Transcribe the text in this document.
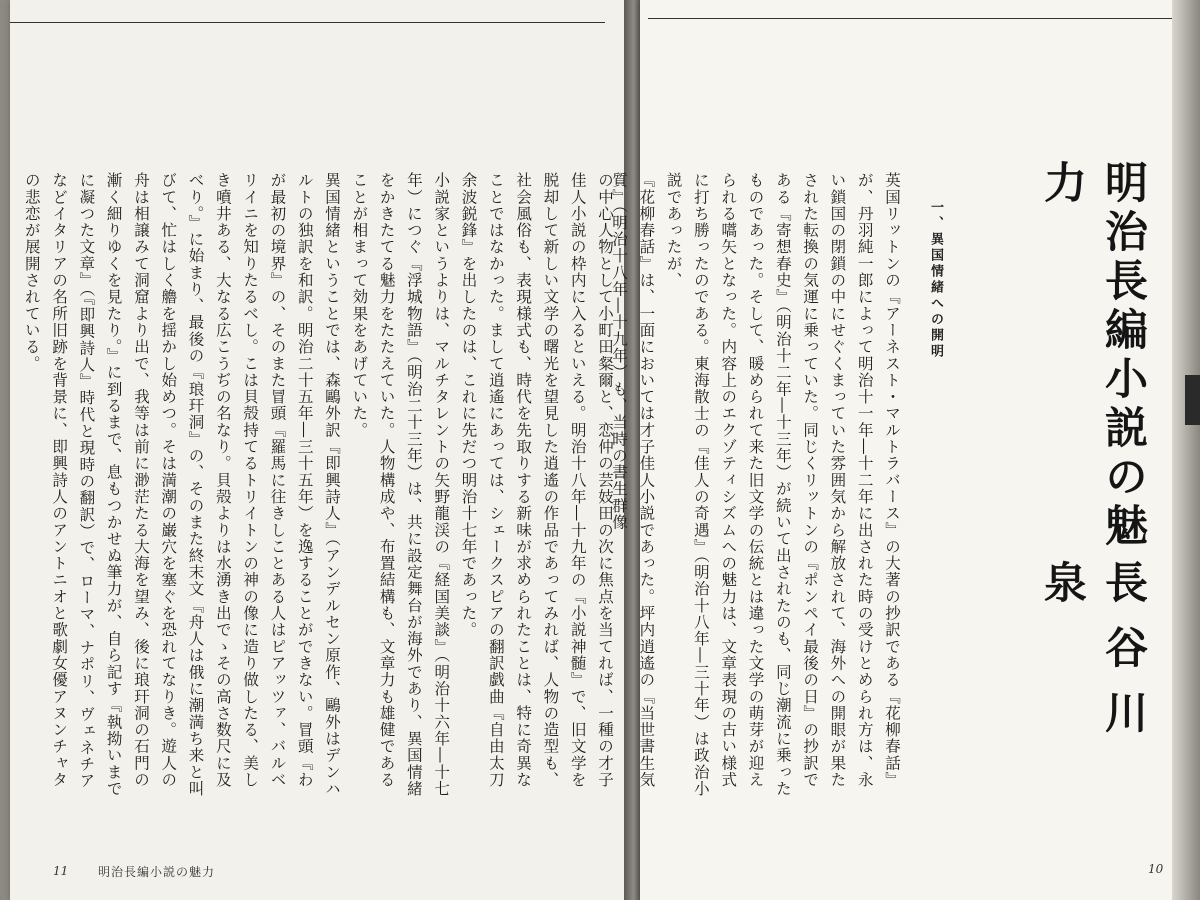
の中心人物として小町田粲爾と、恋仲の芸妓田の次に焦点を当てれば、一種の才子佳人小説の枠内に入るといえる。明治十八年―十九年の『小説神髄』で、旧文学を脱却して新しい文学の曙光を望見した逍遙の作品であってみれば、人物の造型も、社会風俗も、表現様式も、時代を先取りする新味が求められたことは、特に奇異なことではなかった。まして逍遙にあっては、シェークスピアの翻訳戯曲『自由太刀余波鋭鋒』を出したのは、これに先だつ明治十七年であった。

小説家というよりは、マルチタレントの矢野龍渓の『経国美談』（明治十六年―十七年）につぐ『浮城物語』（明治二十三年）は、共に設定舞台が海外であり、異国情緒をかきたてる魅力をたたえていた。人物構成や、布置結構も、文章力も雄健であることが相まって効果をあげていた。

異国情緒ということでは、森鷗外訳『即興詩人』（アンデルセン原作、鷗外はデンハルトの独訳を和訳。明治二十五年―三十五年）を逸することができない。冒頭『わが最初の境界』の、そのまた冒頭『羅馬に往きしことある人はピアッツァ、バルベリイニを知りたるべし。こは貝殻持てるトリイトンの神の像に造り做したる、美しき噴井ある、大なる広こうぢの名なり。貝殻よりは水湧き出でゝその高さ数尺に及べり。』に始まり、最後の『琅玕洞』の、そのまた終末文『舟人は俄に潮満ち来と叫びて、忙はしく艪を揺かし始めつ。そは満潮の巌穴を塞ぐを恐れてなりき。遊人の舟は相譲みて洞窟より出で、我等は前に渺茫たる大海を望み、後に琅玕洞の石門の漸く細りゆくを見たり。』に到るまで、息もつかせぬ筆力が、自ら記す『執拗いまでに凝つた文章』（『即興詩人』時代と現時の翻訳）で、ローマ、ナポリ、ヴェネチアなどイタリアの名所旧跡を背景に、即興詩人のアントニオと歌劇女優アヌンチャタの悲恋が展開されている。

11 明治長編小説の魅力
明治長編小説の魅力
長谷川　泉
一、異国情緒への開明

英国リットンの『アーネスト・マルトラバース』の大著の抄訳である『花柳春話』が、丹羽純一郎によって明治十一年―十二年に出された時の受けとめられ方は、永い鎖国の閉鎖の中にせぐくまっていた雰囲気から解放されて、海外への開眼が果たされた転換の気運に乗っていた。同じくリットンの『ポンペイ最後の日』の抄訳である『寄想春史』（明治十二年―十三年）が続いて出されたのも、同じ潮流に乗ったものであった。そして、暖められて来た旧文学の伝統とは違った文学の萌芽が迎えられる嚆矢となった。内容上のエクゾティシズムへの魅力は、文章表現の古い様式に打ち勝ったのである。東海散士の『佳人の奇遇』（明治十八年―三十年）は政治小説であったが、

『花柳春話』は、一面においては才子佳人小説であった。坪内逍遙の『当世書生気質』（明治十八年―十九年）も、当時の書生群像

10
